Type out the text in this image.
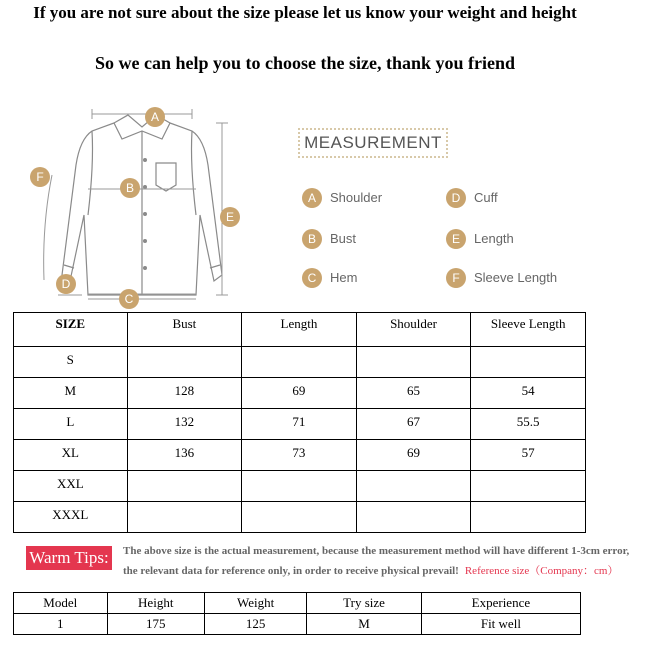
If you are not sure about the size please let us know your weight and height
So we can help you to choose the size, thank you friend
A
B
C
D
E
F
MEASUREMENT
A	Shoulder	D	Cuff
B	Bust	E	Length
C	Hem	F	Sleeve Length
SIZE	Bust	Length	Shoulder	Sleeve Length

S				

M	128	69	65	54

L	132	71	67	55.5

XL	136	73	69	57

XXL				

XXXL				

Warm Tips: The above size is the actual measurement, because the measurement method will have different 1-3cm error,
the relevant data for reference only, in order to receive physical prevail! Reference size（Company：cm）
Model	Height	Weight	Try size	Experience
1	175	125	M	Fit well
